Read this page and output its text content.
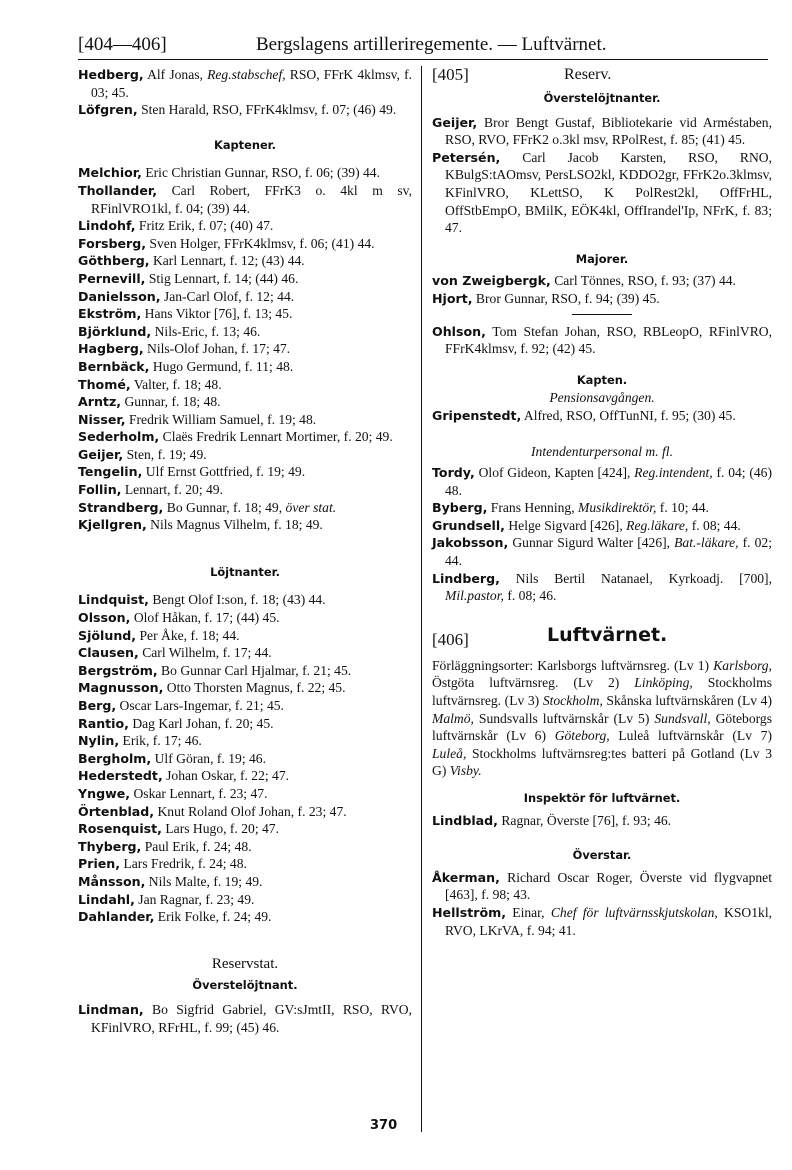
[404—406]	Bergslagens artilleriregemente. — Luftvärnet.

Hedberg, Alf Jonas, Reg.stabschef, RSO, FFrK 4klmsv, f. 03; 45.

Löfgren, Sten Harald, RSO, FFrK4klmsv, f. 07; (46) 49.

Kaptener.

Melchior, Eric Christian Gunnar, RSO, f. 06; (39) 44.

Thollander, Carl Robert, FFrK3 o. 4kl m sv, RFinlVRO1kl, f. 04; (39) 44.

Lindohf, Fritz Erik, f. 07; (40) 47.

Forsberg, Sven Holger, FFrK4klmsv, f. 06; (41) 44.

Göthberg, Karl Lennart, f. 12; (43) 44.

Pernevill, Stig Lennart, f. 14; (44) 46.

Danielsson, Jan-Carl Olof, f. 12; 44.

Ekström, Hans Viktor [76], f. 13; 45.

Björklund, Nils-Eric, f. 13; 46.

Hagberg, Nils-Olof Johan, f. 17; 47.

Bernbäck, Hugo Germund, f. 11; 48.

Thomé, Valter, f. 18; 48.

Arntz, Gunnar, f. 18; 48.

Nisser, Fredrik William Samuel, f. 19; 48.

Sederholm, Claës Fredrik Lennart Mortimer, f. 20; 49.

Geijer, Sten, f. 19; 49.

Tengelin, Ulf Ernst Gottfried, f. 19; 49.

Follin, Lennart, f. 20; 49.

Strandberg, Bo Gunnar, f. 18; 49, över stat.

Kjellgren, Nils Magnus Vilhelm, f. 18; 49.

Löjtnanter.

Lindquist, Bengt Olof I:son, f. 18; (43) 44.

Olsson, Olof Håkan, f. 17; (44) 45.

Sjölund, Per Åke, f. 18; 44.

Clausen, Carl Wilhelm, f. 17; 44.

Bergström, Bo Gunnar Carl Hjalmar, f. 21; 45.

Magnusson, Otto Thorsten Magnus, f. 22; 45.

Berg, Oscar Lars-Ingemar, f. 21; 45.

Rantio, Dag Karl Johan, f. 20; 45.

Nylin, Erik, f. 17; 46.

Bergholm, Ulf Göran, f. 19; 46.

Hederstedt, Johan Oskar, f. 22; 47.

Yngwe, Oskar Lennart, f. 23; 47.

Örtenblad, Knut Roland Olof Johan, f. 23; 47.

Rosenquist, Lars Hugo, f. 20; 47.

Thyberg, Paul Erik, f. 24; 48.

Prien, Lars Fredrik, f. 24; 48.

Månsson, Nils Malte, f. 19; 49.

Lindahl, Jan Ragnar, f. 23; 49.

Dahlander, Erik Folke, f. 24; 49.

Reservstat.

Överstelöjtnant.

Lindman, Bo Sigfrid Gabriel, GV:sJmtII, RSO, RVO, KFinlVRO, RFrHL, f. 99; (45) 46.

[405]	Reserv.

Överstelöjtnanter.

Geijer, Bror Bengt Gustaf, Bibliotekarie vid Arméstaben, RSO, RVO, FFrK2 o.3kl msv, RPolRest, f. 85; (41) 45.

Petersén, Carl Jacob Karsten, RSO, RNO, KBulgS:tAOmsv, PersLSO2kl, KDDO2gr, FFrK2o.3klmsv, KFinlVRO, KLettSO, K PolRest2kl, OffFrHL, OffStbEmpO, BMilK, EÖK4kl, OffIrandel'Ip, NFrK, f. 83; 47.

Majorer.

von Zweigbergk, Carl Tönnes, RSO, f. 93; (37) 44.

Hjort, Bror Gunnar, RSO, f. 94; (39) 45.

Ohlson, Tom Stefan Johan, RSO, RBLeopO, RFinlVRO, FFrK4klmsv, f. 92; (42) 45.

Kapten.

Pensionsavgången.

Gripenstedt, Alfred, RSO, OffTunNI, f. 95; (30) 45.

Intendenturpersonal m. fl.

Tordy, Olof Gideon, Kapten [424], Reg.intendent, f. 04; (46) 48.

Byberg, Frans Henning, Musikdirektör, f. 10; 44.

Grundsell, Helge Sigvard [426], Reg.läkare, f. 08; 44.

Jakobsson, Gunnar Sigurd Walter [426], Bat.-läkare, f. 02; 44.

Lindberg, Nils Bertil Natanael, Kyrkoadj. [700], Mil.pastor, f. 08; 46.

[406]	Luftvärnet.

Förläggningsorter: Karlsborgs luftvärnsreg. (Lv 1) Karlsborg, Östgöta luftvärnsreg. (Lv 2) Linköping, Stockholms luftvärnsreg. (Lv 3) Stockholm, Skånska luftvärnskåren (Lv 4) Malmö, Sundsvalls luftvärnskår (Lv 5) Sundsvall, Göteborgs luftvärnskår (Lv 6) Göteborg, Luleå luftvärnskår (Lv 7) Luleå, Stockholms luftvärnsreg:tes batteri på Gotland (Lv 3 G) Visby.

Inspektör för luftvärnet.

Lindblad, Ragnar, Överste [76], f. 93; 46.

Överstar.

Åkerman, Richard Oscar Roger, Överste vid flygvapnet [463], f. 98; 43.

Hellström, Einar, Chef för luftvärnsskjutskolan, KSO1kl, RVO, LKrVA, f. 94; 41.

370
